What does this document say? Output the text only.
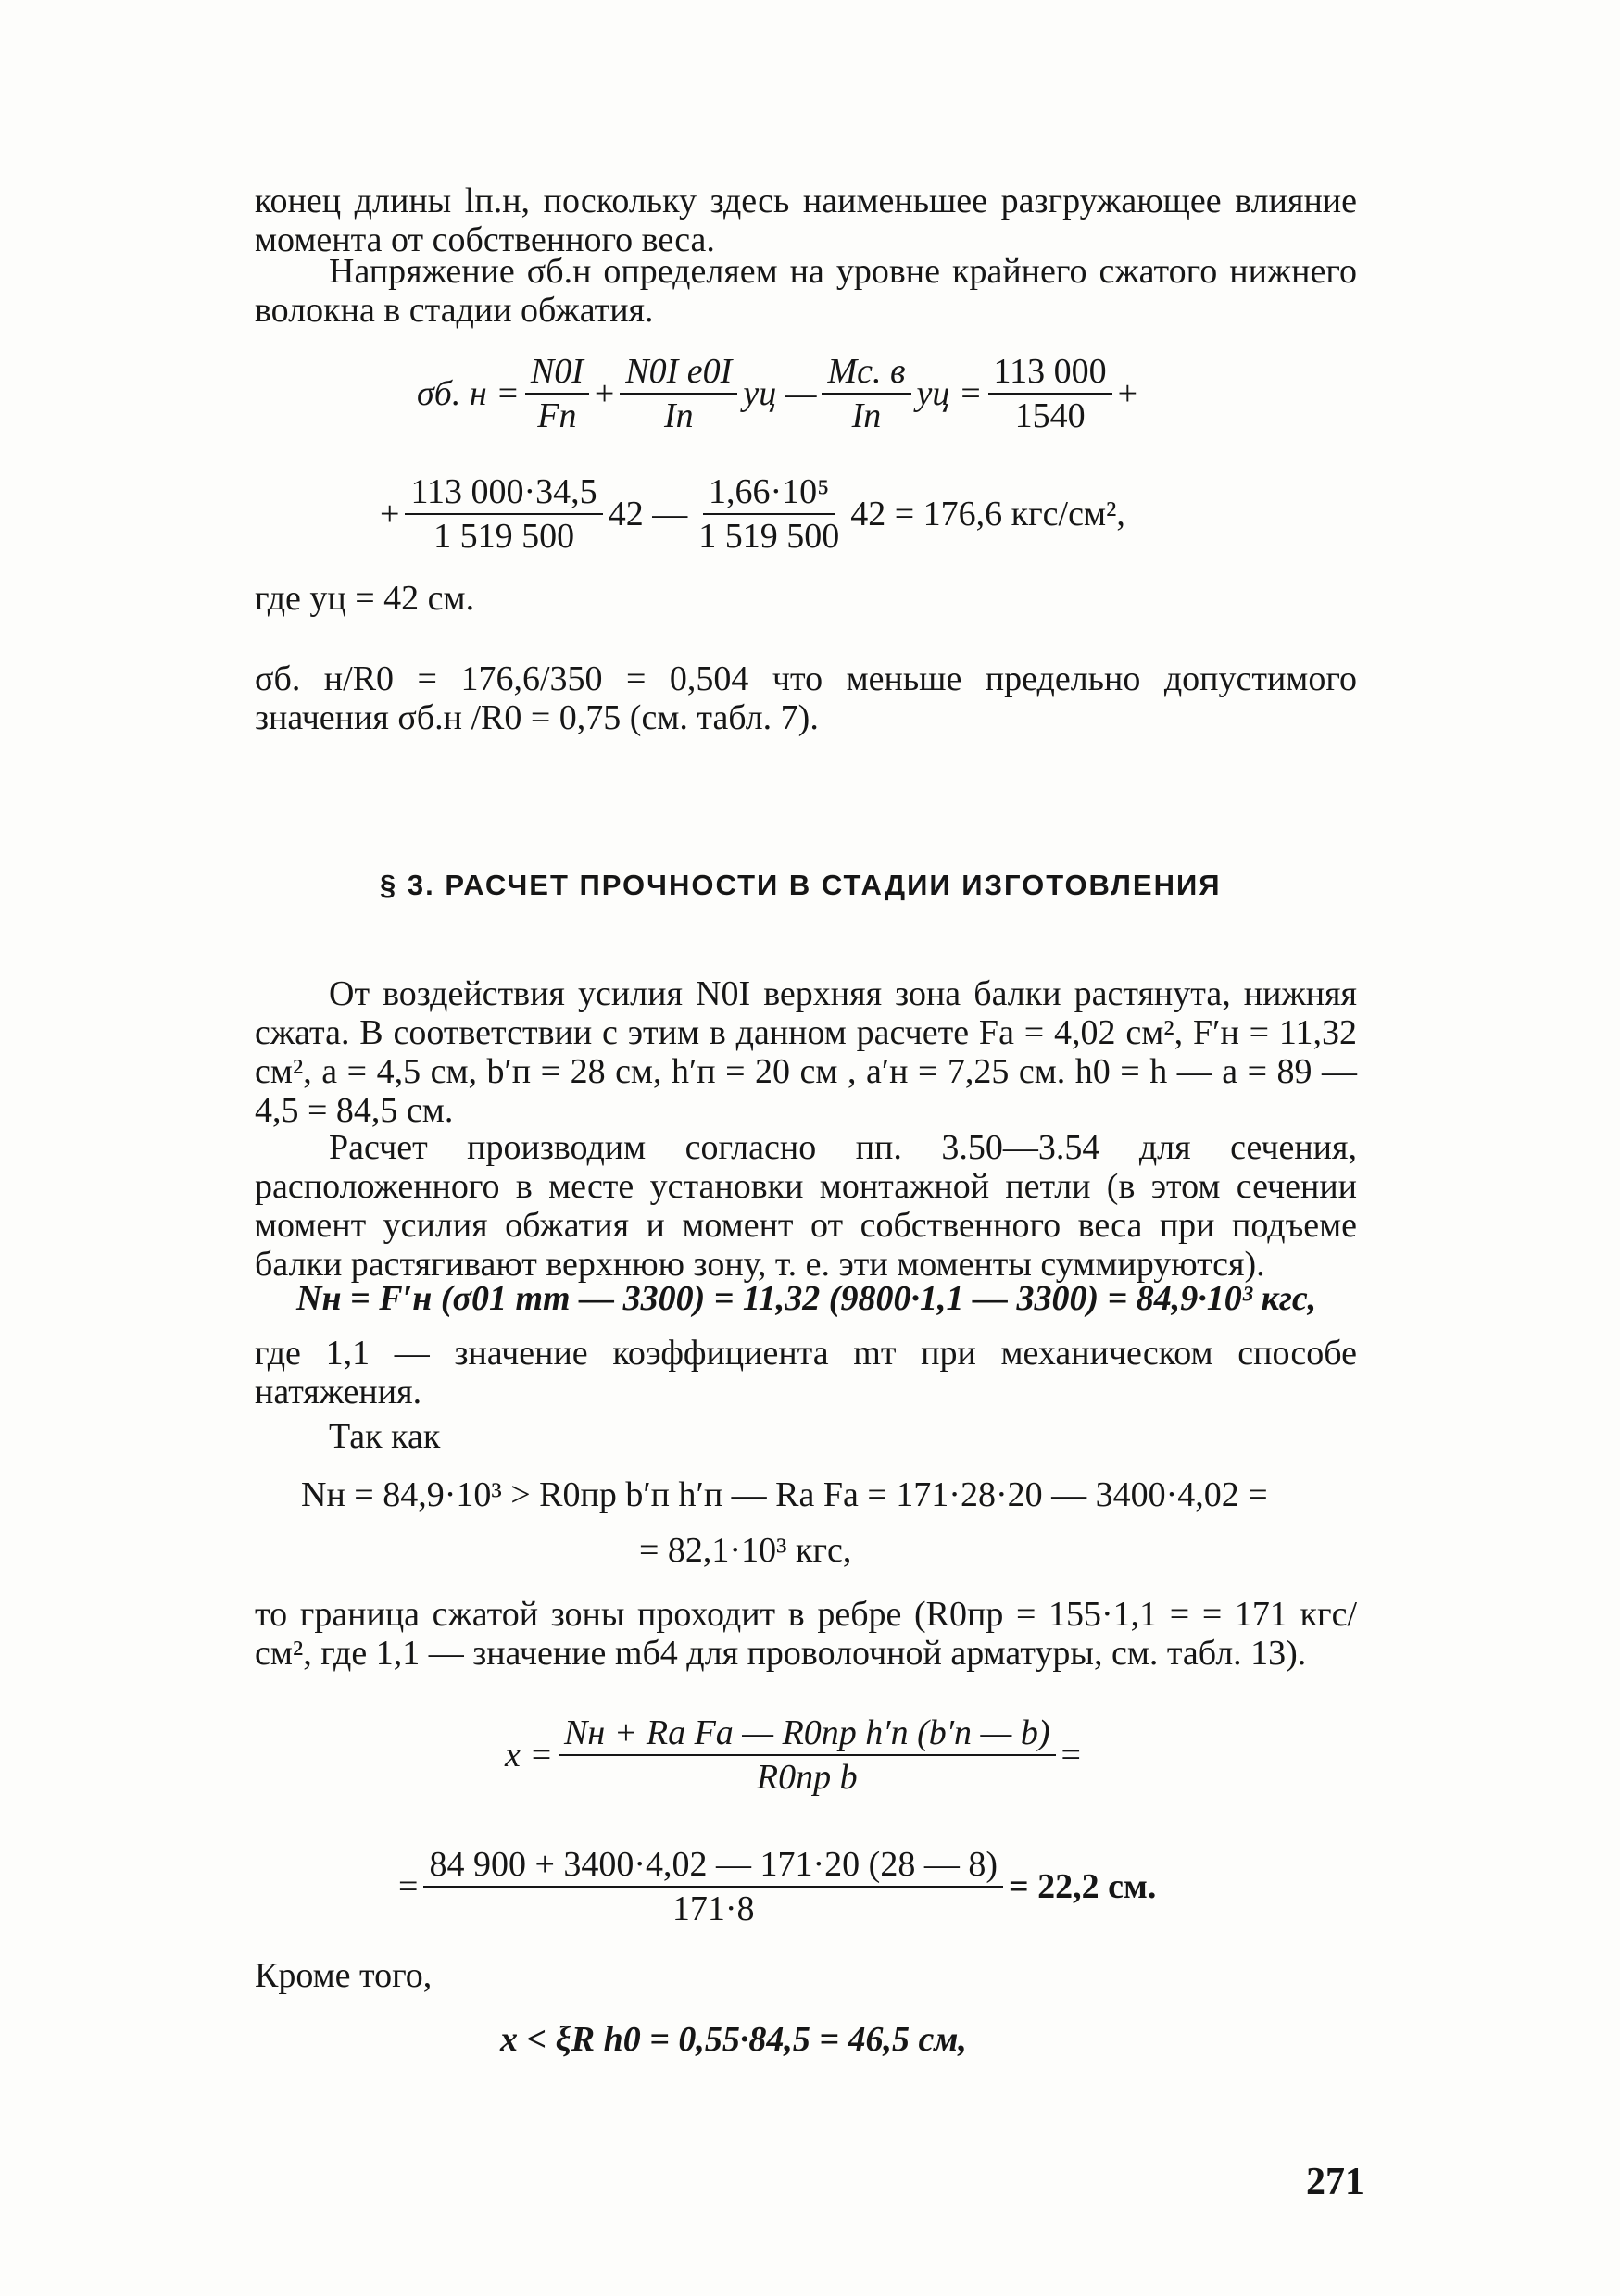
конец длины lп.н, поскольку здесь наименьшее разгружающее влияние момента от собственного веса.

Напряжение σб.н определяем на уровне крайнего сжатого нижнего волокна в стадии обжатия.

σб. $н = \frac{N0I}{Fп} + \frac{\text{N0I e0I}}{Iп}$ yц — $\frac{Mс. в}{Iп}$ yц = $\frac{113 000}{1540}$ +
+ $\frac{113 000\cdot 34,5}{1 519 500} 42$ — $\frac{\text{1,66·10⁵}}{1 519 500} 42 = 176,6$ кгс/см²,

где yц = 42 см.

σб. н/R0 = 176,6/350 = 0,504 что меньше предельно допустимого значения σб.н /R0 = 0,75 (см. табл. 7).

§ 3. РАСЧЕТ ПРОЧНОСТИ В СТАДИИ ИЗГОТОВЛЕНИЯ

От воздействия усилия N0I верхняя зона балки растянута, нижняя сжата. В соответствии с этим в данном расчете Fа = 4,02 см², F′н = 11,32 см², a = 4,5 см, b′п = 28 см, h′п = 20 см , a′н = 7,25 см. h0 = h — a = 89 — 4,5 = 84,5 см.

Расчет производим согласно пп. 3.50—3.54 для сечения, расположенного в месте установки монтажной петли (в этом сечении момент усилия обжатия и момент от собственного веса при подъеме балки растягивают верхнюю зону, т. е. эти моменты суммируются).

Nн = F′н (σ01 mт — 3300) = 11,32 (9800·1,1 — 3300) = 84,9·10³ кгс,

где 1,1 — значение коэффициента mт при механическом способе натяжения.

Так как

Nн = 84,9·10³ > R0пр b′п h′п — Rа Fа = 171·28·20 — 3400·4,02 =
= 82,1·10³ кгс,

то граница сжатой зоны проходит в ребре (R0пр = 155·1,1 = = 171 кгс/см², где 1,1 — значение mб4 для проволочной арматуры, см. табл. 13).

$x = \frac{\text{Nн + Rа Fа — R0пр h′п (b′п — b)}}{\text{R0пр b}}$ =
= $\frac{84 900 + 3400\cdot 4,02 — 171\cdot 20 (28 — 8)}{171\cdot 8} = 22,2$ см.

Кроме того,

x < ξR h0 = 0,55·84,5 = 46,5 см,
271
